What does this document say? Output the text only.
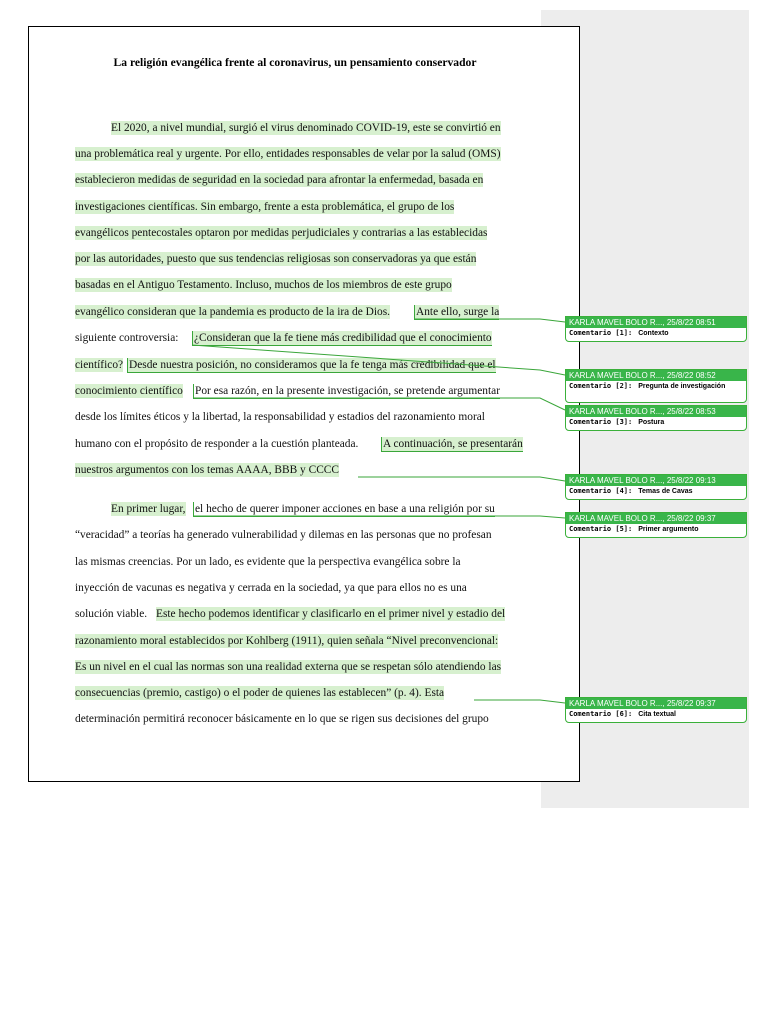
La religión evangélica frente al coronavirus, un pensamiento conservador
El 2020, a nivel mundial, surgió el virus denominado COVID-19, este se convirtió en
una problemática real y urgente. Por ello, entidades responsables de velar por la salud (OMS)
establecieron medidas de seguridad en la sociedad para afrontar la enfermedad, basada en
investigaciones científicas. Sin embargo, frente a esta problemática, el grupo de los
evangélicos pentecostales optaron por medidas perjudiciales y contrarias a las establecidas
por las autoridades, puesto que sus tendencias religiosas son conservadoras ya que están
basadas en el Antiguo Testamento. Incluso, muchos de los miembros de este grupo
evangélico consideran que la pandemia es producto de la ira de Dios. Ante ello, surge la
siguiente controversia: ¿Consideran que la fe tiene más credibilidad que el conocimiento
científico? Desde nuestra posición, no consideramos que la fe tenga más credibilidad que el
conocimiento científico Por esa razón, en la presente investigación, se pretende argumentar
desde los límites éticos y la libertad, la responsabilidad y estadios del razonamiento moral
humano con el propósito de responder a la cuestión planteada. A continuación, se presentarán
nuestros argumentos con los temas AAAA, BBB y CCCC
En primer lugar, el hecho de querer imponer acciones en base a una religión por su
“veracidad” a teorías ha generado vulnerabilidad y dilemas en las personas que no profesan
las mismas creencias. Por un lado, es evidente que la perspectiva evangélica sobre la
inyección de vacunas es negativa y cerrada en la sociedad, ya que para ellos no es una
solución viable. Este hecho podemos identificar y clasificarlo en el primer nivel y estadio del
razonamiento moral establecidos por Kohlberg (1911), quien señala “Nivel preconvencional:
Es un nivel en el cual las normas son una realidad externa que se respetan sólo atendiendo las
consecuencias (premio, castigo) o el poder de quienes las establecen” (p. 4). Esta
determinación permitirá reconocer básicamente en lo que se rigen sus decisiones del grupo
KARLA MAVEL BOLO R..., 25/8/22 08:51
Comentario [1]: Contexto
KARLA MAVEL BOLO R..., 25/8/22 08:52
Comentario [2]: Pregunta de investigación
KARLA MAVEL BOLO R..., 25/8/22 08:53
Comentario [3]: Postura
KARLA MAVEL BOLO R..., 25/8/22 09:13
Comentario [4]: Temas de Cavas
KARLA MAVEL BOLO R..., 25/8/22 09:37
Comentario [5]: Primer argumento
KARLA MAVEL BOLO R..., 25/8/22 09:37
Comentario [6]: Cita textual
